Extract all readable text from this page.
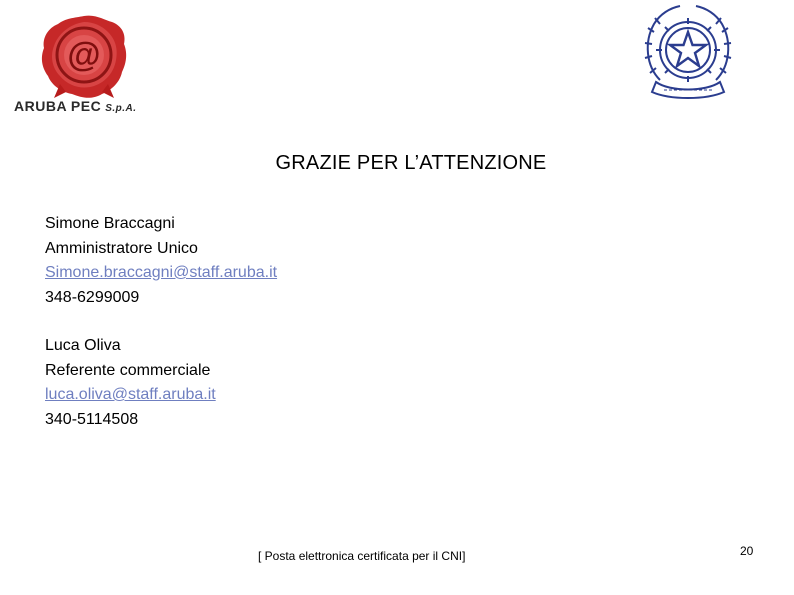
@
ARUBA PEC S.p.A.
GRAZIE PER L’ATTENZIONE
Simone Braccagni
Amministratore Unico
Simone.braccagni@staff.aruba.it
348-6299009
Luca Oliva
Referente commerciale
luca.oliva@staff.aruba.it
340-5114508
[ Posta elettronica certificata per il CNI]	20
